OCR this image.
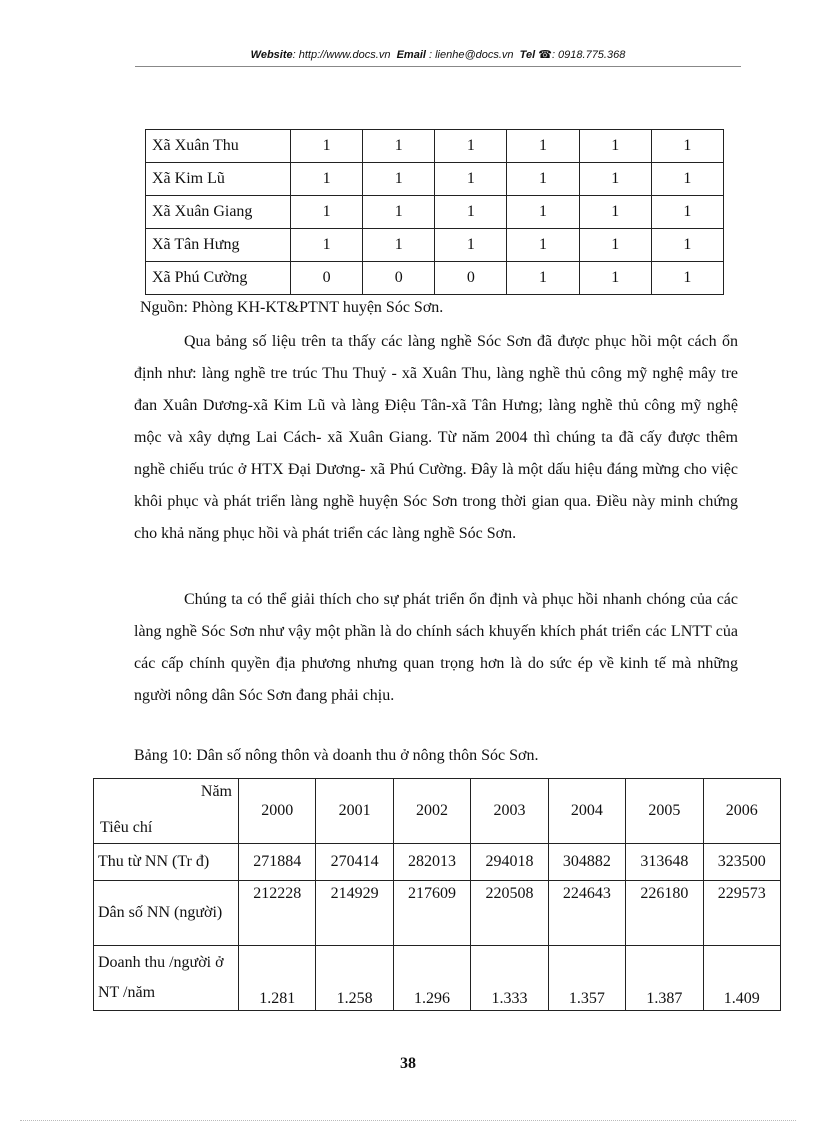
Website: http://www.docs.vn Email : lienhe@docs.vn Tel ☎: 0918.775.368
Xã Xuân Thu	1	1	1	1	1	1
Xã Kim Lũ	1	1	1	1	1	1
Xã Xuân Giang	1	1	1	1	1	1
Xã Tân Hưng	1	1	1	1	1	1
Xã Phú Cường	0	0	0	1	1	1
Nguồn: Phòng KH-KT&PTNT huyện Sóc Sơn.

Qua bảng số liệu trên ta thấy các làng nghề Sóc Sơn đã được phục hồi một cách ổn định như: làng nghề tre trúc Thu Thuỷ - xã Xuân Thu, làng nghề thủ công mỹ nghệ mây tre đan Xuân Dương-xã Kim Lũ và làng Điệu Tân-xã Tân Hưng; làng nghề thủ công mỹ nghệ mộc và xây dựng Lai Cách- xã Xuân Giang. Từ năm 2004 thì chúng ta đã cấy được thêm nghề chiếu trúc ở HTX Đại Dương- xã Phú Cường. Đây là một dấu hiệu đáng mừng cho việc khôi phục và phát triển làng nghề huyện Sóc Sơn trong thời gian qua. Điều này minh chứng cho khả năng phục hồi và phát triển các làng nghề Sóc Sơn.

Chúng ta có thể giải thích cho sự phát triển ổn định và phục hồi nhanh chóng của các làng nghề Sóc Sơn như vậy một phần là do chính sách khuyến khích phát triển các LNTT của các cấp chính quyền địa phương nhưng quan trọng hơn là do sức ép về kinh tế mà những người nông dân Sóc Sơn đang phải chịu.

Bảng 10: Dân số nông thôn và doanh thu ở nông thôn Sóc Sơn.
Năm
Tiêu chí	2000	2001	2002	2003	2004	2005	2006
Thu từ NN (Tr đ)	271884	270414	282013	294018	304882	313648	323500
Dân số NN (người)	212228	214929	217609	220508	224643	226180	229573
Doanh thu /người ở NT /năm	1.281	1.258	1.296	1.333	1.357	1.387	1.409
38
